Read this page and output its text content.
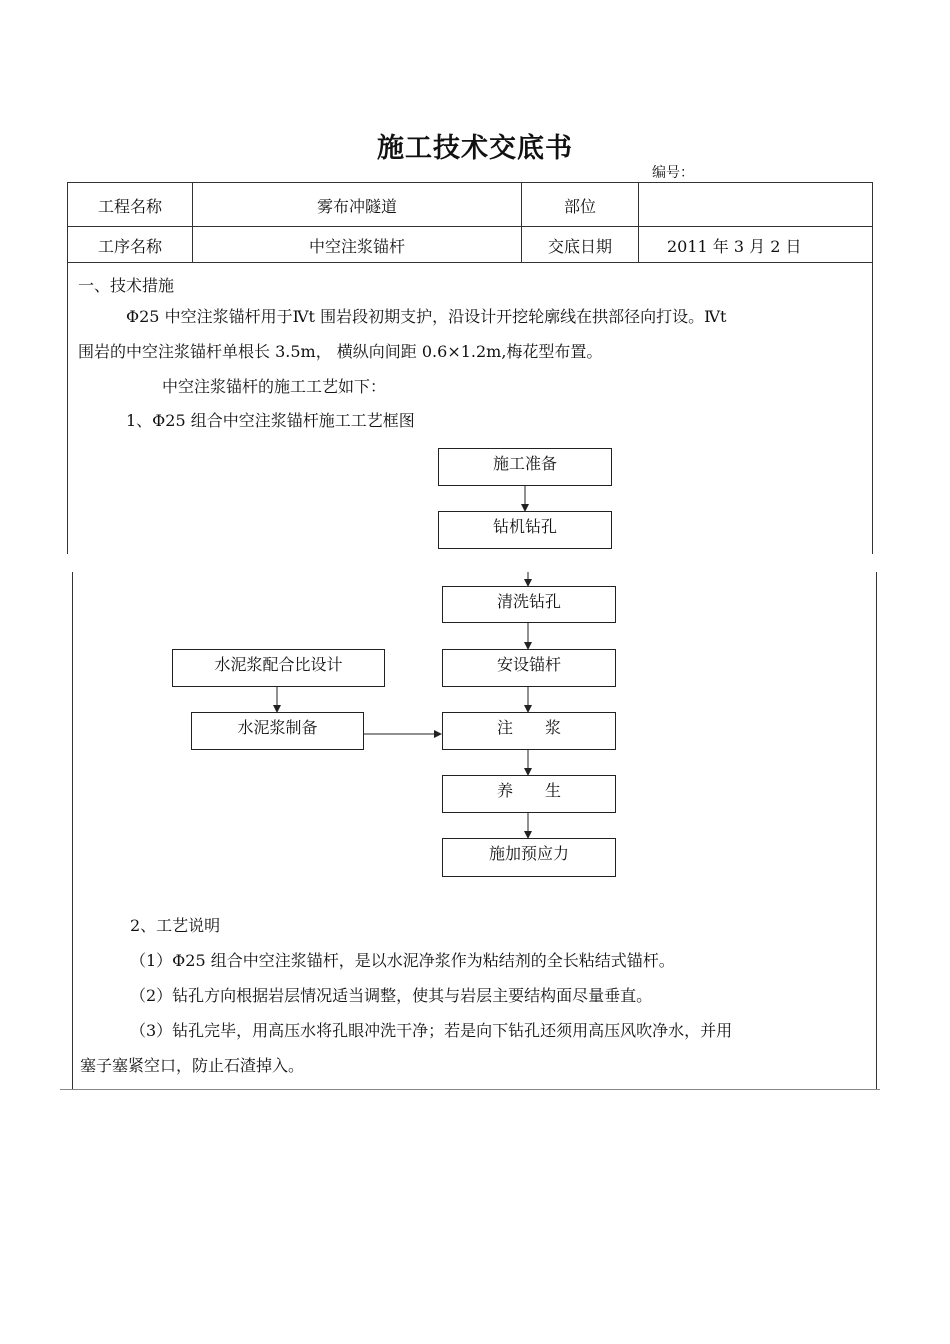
施工技术交底书
编号：
工程名称	雾布冲隧道	部位
工序名称	中空注浆锚杆	交底日期	2011 年 3 月 2 日
一、技术措施
Φ25 中空注浆锚杆用于Ⅳt 围岩段初期支护，沿设计开挖轮廓线在拱部径向打设。Ⅳt
围岩的中空注浆锚杆单根长 3.5m， 横纵向间距 0.6×1.2m,梅花型布置。
中空注浆锚杆的施工工艺如下：
1、Φ25 组合中空注浆锚杆施工工艺框图
施工准备
钻机钻孔
清洗钻孔
安设锚杆
注　　浆
养　　生
施加预应力
水泥浆配合比设计
水泥浆制备
2、工艺说明
（1）Φ25 组合中空注浆锚杆，是以水泥净浆作为粘结剂的全长粘结式锚杆。
（2）钻孔方向根据岩层情况适当调整，使其与岩层主要结构面尽量垂直。
（3）钻孔完毕，用高压水将孔眼冲洗干净；若是向下钻孔还须用高压风吹净水，并用
塞子塞紧空口，防止石渣掉入。
